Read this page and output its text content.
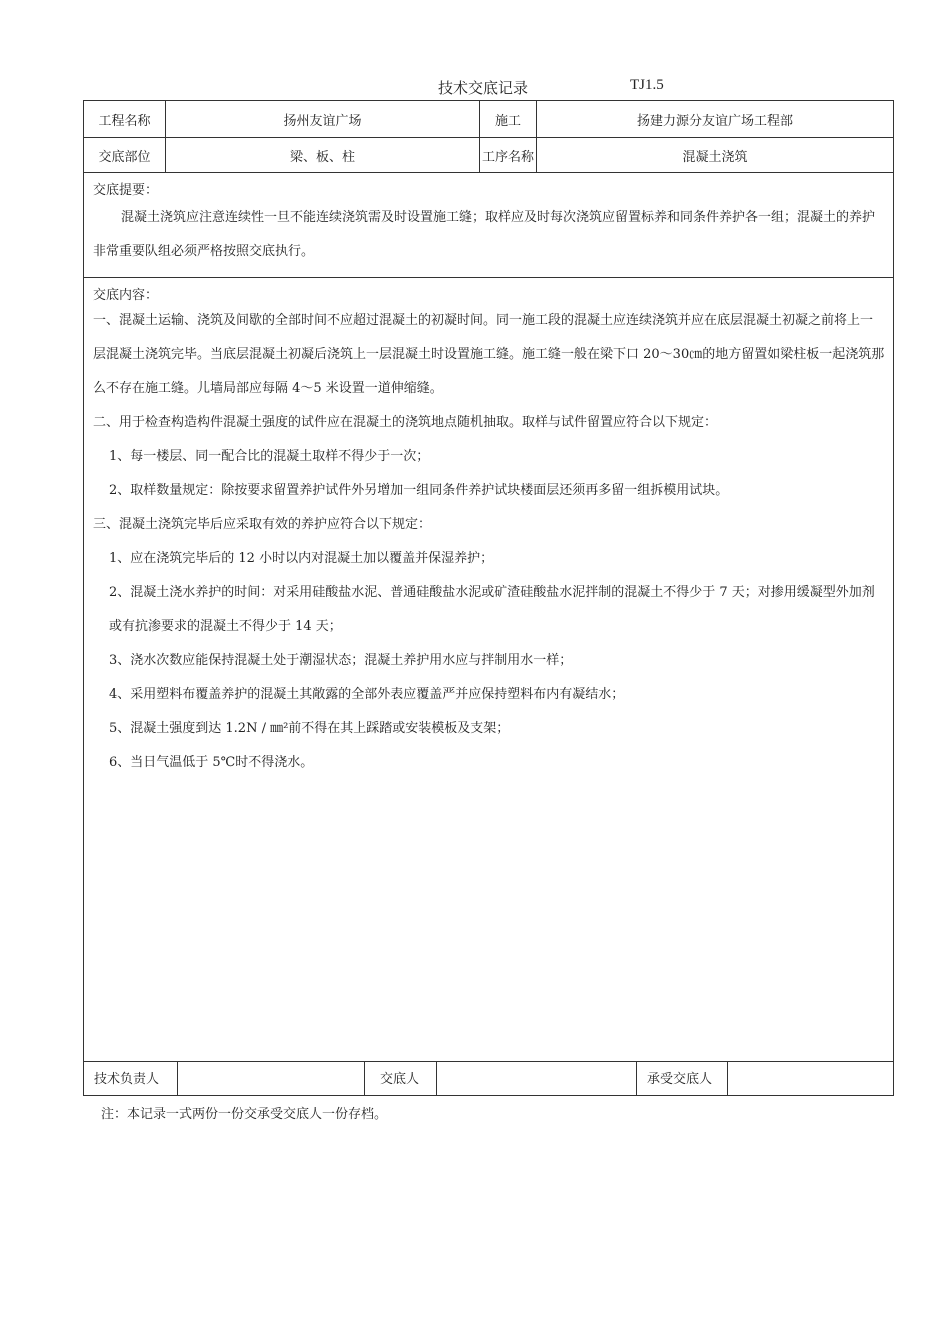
技术交底记录	TJ1.5
工程名称	扬州友谊广场	施工	扬建力源分友谊广场工程部
交底部位	梁、板、柱	工序名称	混凝土浇筑
交底提要：
混凝土浇筑应注意连续性一旦不能连续浇筑需及时设置施工缝；取样应及时每次浇筑应留置标养和同条件养护各一组；混凝土的养护非常重要队组必须严格按照交底执行。
交底内容：
一、混凝土运输、浇筑及间歇的全部时间不应超过混凝土的初凝时间。同一施工段的混凝土应连续浇筑并应在底层混凝土初凝之前将上一层混凝土浇筑完毕。当底层混凝土初凝后浇筑上一层混凝土时设置施工缝。施工缝一般在梁下口 20～30㎝的地方留置如梁柱板一起浇筑那么不存在施工缝。儿墙局部应每隔 4～5 米设置一道伸缩缝。
二、用于检查构造构件混凝土强度的试件应在混凝土的浇筑地点随机抽取。取样与试件留置应符合以下规定：
1、每一楼层、同一配合比的混凝土取样不得少于一次；
2、取样数量规定：除按要求留置养护试件外另增加一组同条件养护试块楼面层还须再多留一组拆模用试块。
三、混凝土浇筑完毕后应采取有效的养护应符合以下规定：
1、应在浇筑完毕后的 12 小时以内对混凝土加以覆盖并保湿养护；
2、混凝土浇水养护的时间：对采用硅酸盐水泥、普通硅酸盐水泥或矿渣硅酸盐水泥拌制的混凝土不得少于 7 天；对掺用缓凝型外加剂或有抗渗要求的混凝土不得少于 14 天；
3、浇水次数应能保持混凝土处于潮湿状态；混凝土养护用水应与拌制用水一样；
4、采用塑料布覆盖养护的混凝土其敞露的全部外表应覆盖严并应保持塑料布内有凝结水；
5、混凝土强度到达 1.2N / ㎜²前不得在其上踩踏或安装模板及支架；
6、当日气温低于 5℃时不得浇水。
技术负责人	交底人	承受交底人
注：本记录一式两份一份交承受交底人一份存档。
